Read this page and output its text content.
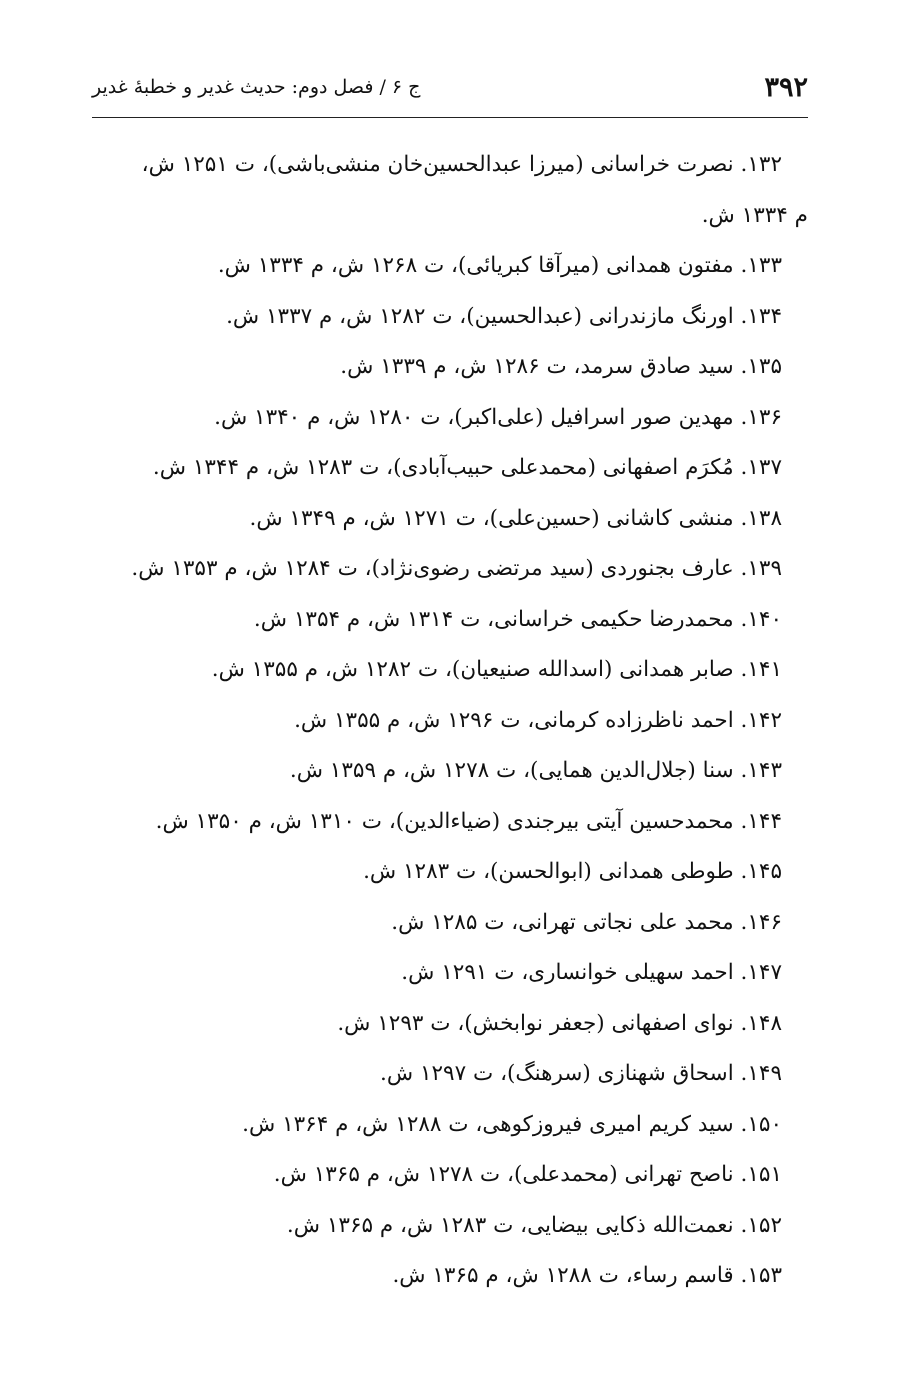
۳۹۲
ج ۶ / فصل دوم: حدیث غدیر و خطبهٔ غدیر
۱۳۲. نصرت خراسانی (میرزا عبدالحسین‌خان منشی‌باشی)، ت ۱۲۵۱ ش،
م ۱۳۳۴ ش.
۱۳۳. مفتون همدانی (میرآقا کبریائی)، ت ۱۲۶۸ ش، م ۱۳۳۴ ش.
۱۳۴. اورنگ مازندرانی (عبدالحسین)، ت ۱۲۸۲ ش، م ۱۳۳۷ ش.
۱۳۵. سید صادق سرمد، ت ۱۲۸۶ ش، م ۱۳۳۹ ش.
۱۳۶. مهدین صور اسرافیل (علی‌اکبر)، ت ۱۲۸۰ ش، م ۱۳۴۰ ش.
۱۳۷. مُکرَم اصفهانی (محمدعلی حبیب‌آبادی)، ت ۱۲۸۳ ش، م ۱۳۴۴ ش.
۱۳۸. منشی کاشانی (حسین‌علی)، ت ۱۲۷۱ ش، م ۱۳۴۹ ش.
۱۳۹. عارف بجنوردی (سید مرتضی رضوی‌نژاد)، ت ۱۲۸۴ ش، م ۱۳۵۳ ش.
۱۴۰. محمدرضا حکیمی خراسانی، ت ۱۳۱۴ ش، م ۱۳۵۴ ش.
۱۴۱. صابر همدانی (اسدالله صنیعیان)، ت ۱۲۸۲ ش، م ۱۳۵۵ ش.
۱۴۲. احمد ناظرزاده کرمانی، ت ۱۲۹۶ ش، م ۱۳۵۵ ش.
۱۴۳. سنا (جلال‌الدین همایی)، ت ۱۲۷۸ ش، م ۱۳۵۹ ش.
۱۴۴. محمدحسین آیتی بیرجندی (ضیاءالدین)، ت ۱۳۱۰ ش، م ۱۳۵۰ ش.
۱۴۵. طوطی همدانی (ابوالحسن)، ت ۱۲۸۳ ش.
۱۴۶. محمد علی نجاتی تهرانی، ت ۱۲۸۵ ش.
۱۴۷. احمد سهیلی خوانساری، ت ۱۲۹۱ ش.
۱۴۸. نوای اصفهانی (جعفر نوابخش)، ت ۱۲۹۳ ش.
۱۴۹. اسحاق شهنازی (سرهنگ)، ت ۱۲۹۷ ش.
۱۵۰. سید کریم امیری فیروزکوهی، ت ۱۲۸۸ ش، م ۱۳۶۴ ش.
۱۵۱. ناصح تهرانی (محمدعلی)، ت ۱۲۷۸ ش، م ۱۳۶۵ ش.
۱۵۲. نعمت‌الله ذکایی بیضایی، ت ۱۲۸۳ ش، م ۱۳۶۵ ش.
۱۵۳. قاسم رساء، ت ۱۲۸۸ ش، م ۱۳۶۵ ش.
